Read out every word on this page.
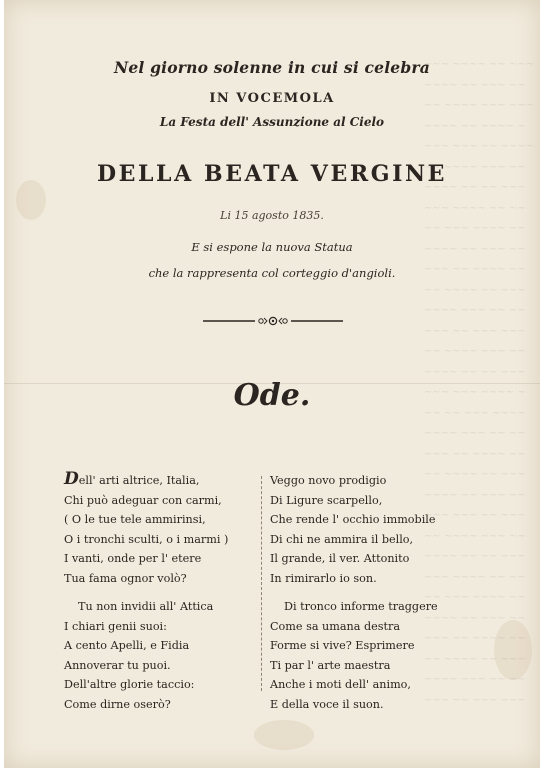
~~~ ~~~~ ~~ ~~~
~~~~ ~~ ~~~ ~~
~~ ~~~~ ~~~ ~~~
~~~~ ~~ ~~~~ ~
~~~ ~~~ ~~ ~~~~
~~ ~~~~ ~~~ ~~
~~~~ ~~ ~~ ~~~
~~~ ~~~~ ~~ ~~
~~ ~~~ ~~~~ ~~
~~~~ ~~ ~~~ ~~
~~~ ~~ ~~~~ ~~
~~ ~~~~ ~~ ~~~
~~~~ ~~~ ~~ ~~
~~~ ~~ ~~~ ~~~
~~ ~~~~ ~~~ ~~
~~~~ ~~ ~~ ~~~
~~~ ~~~ ~~~~ ~
~~ ~~ ~~~ ~~~~
~~~~ ~~~ ~~ ~~
~~~ ~~ ~~~~ ~~
~~ ~~~~ ~~ ~~~
~~~~ ~~ ~~~ ~~
~~~ ~~~ ~~ ~~~
~~ ~~~~ ~~~ ~~
~~~~ ~~ ~~ ~~~
~~~ ~~~~ ~~ ~~
~~ ~~~ ~~~~ ~~
~~~~ ~~ ~~~ ~~
~~~ ~~ ~~~~ ~~
~~ ~~~~ ~~ ~~~
~~~~ ~~~ ~~ ~~
~~~ ~~ ~~~ ~~~
Nel giorno solenne in cui si celebra
IN VOCEMOLA
La Festa dell' Assunzione al Cielo
DELLA BEATA VERGINE
Li 15 agosto 1835.
E si espone la nuova Statua
che la rappresenta col corteggio d'angioli.
Ode.
Dell' arti altrice, Italia,
Chi può adeguar con carmi,
( O le tue tele ammirinsi,
O i tronchi sculti, o i marmi )
I vanti, onde per l' etere
Tua fama ognor volò?
Tu non invidii all' Attica
I chiari genii suoi:
A cento Apelli, e Fidia
Annoverar tu puoi.
Dell'altre glorie taccio:
Come dirne oserò?
Veggo novo prodigio
Di Ligure scarpello,
Che rende l' occhio immobile
Di chi ne ammira il bello,
Il grande, il ver. Attonito
In rimirarlo io son.
Di tronco informe traggere
Come sa umana destra
Forme si vive? Esprimere
Ti par l' arte maestra
Anche i moti dell' animo,
E della voce il suon.
